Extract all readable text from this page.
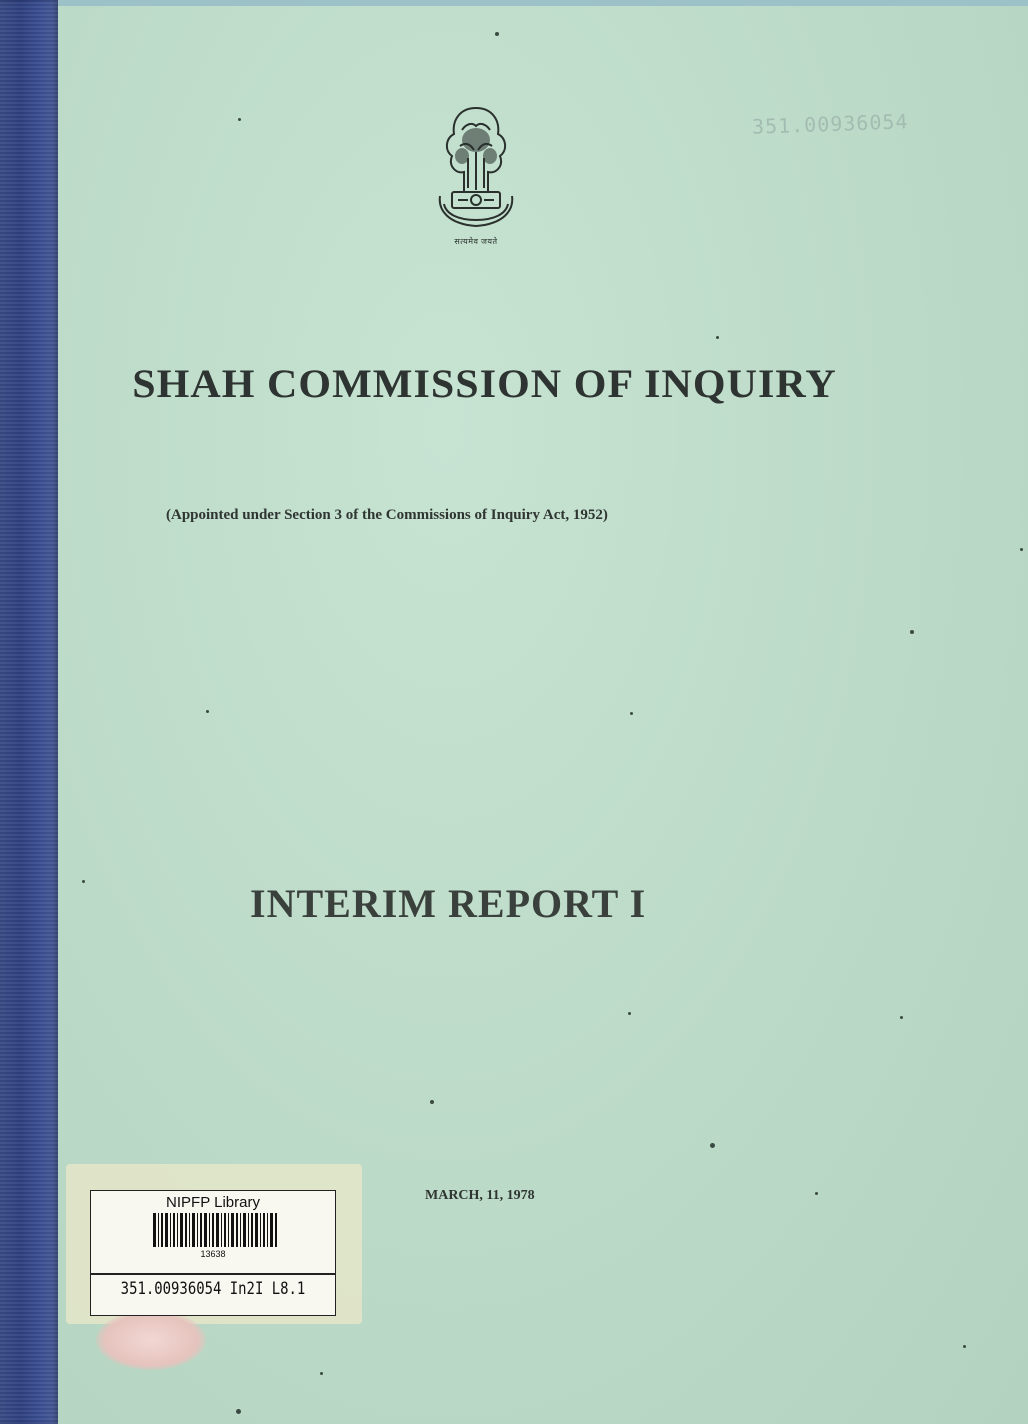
351.00936054
सत्यमेव जयते
SHAH COMMISSION OF INQUIRY
(Appointed under Section 3 of the Commissions of Inquiry Act, 1952)
INTERIM REPORT I
MARCH, 11, 1978
NIPFP Library
13638
351.00936054 In2I L8.1
